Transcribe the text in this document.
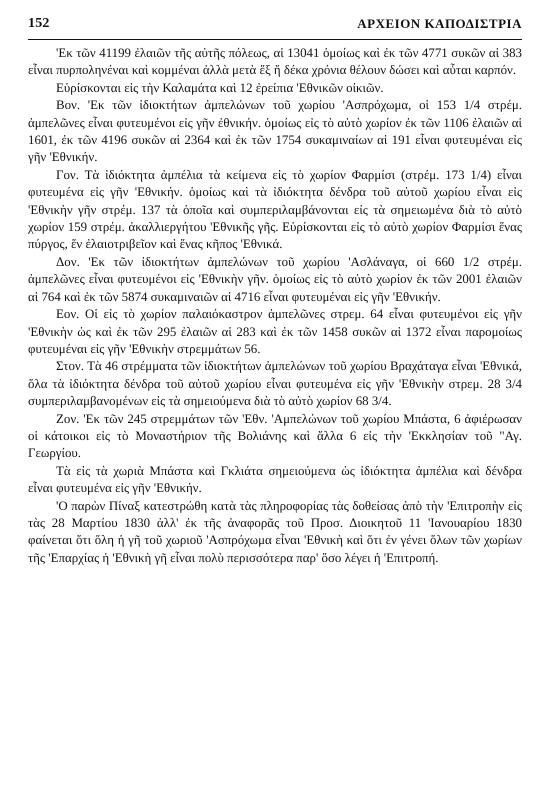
152	ΑΡΧΕΙΟΝ ΚΑΠΟΔΙΣΤΡΙΑ

'Εκ τῶν 41199 ἐλαιῶν τῆς αὐτῆς πόλεως, αἱ 13041 ὁμοίως καὶ ἐκ τῶν 4771 συκῶν αἱ 383 εἶναι πυρποληνέναι καὶ κομμέναι ἀλλὰ μετὰ ἕξ ἤ δέκα χρόνια θέλουν δώσει καὶ αὗται καρπόν.

Εὑρίσκονται εἰς τὴν Καλαμάτα καὶ 12 ἐρείπια 'Εθνικῶν οἰκιῶν.

Βον. 'Εκ τῶν ἰδιοκτήτων ἀμπελώνων τοῦ χωρίου 'Ασπρόχωμα, οἱ 153 1/4 στρέμ. ἀμπελῶνες εἶναι φυτευμένοι εἰς γῆν ἐθνικήν. ὁμοίως εἰς τὸ αὐτὸ χωρίον ἐκ τῶν 1106 ἐλαιῶν αἱ 1601, ἐκ τῶν 4196 συκῶν αἱ 2364 καὶ ἐκ τῶν 1754 συκαμιναίων αἱ 191 εἶναι φυτευμέναι εἰς γῆν 'Εθνικήν.

Γον. Τὰ ἰδιόκτητα ἀμπέλια τὰ κείμενα εἰς τὸ χωρίον Φαρμίσι (στρέμ. 173 1/4) εἶναι φυτευμένα εἰς γῆν 'Εθνικήν. ὁμοίως καὶ τὰ ἰδιόκτητα δένδρα τοῦ αὐτοῦ χωρίου εἶναι εἰς 'Εθνικὴν γῆν στρέμ. 137 τὰ ὁποῖα καὶ συμπεριλαμβάνονται εἰς τὰ σημειωμένα διὰ τὸ αὐτὸ χωρίον 159 στρέμ. ἀκαλλιεργήτου 'Εθνικῆς γῆς. Εὑρίσκονται εἰς τὸ αὐτὸ χωρίον Φαρμίσι ἕνας πύργος, ἕν ἐλαιοτριβεῖον καὶ ἕνας κῆπος 'Εθνικά.

Δον. 'Εκ τῶν ἰδιοκτήτων ἀμπελώνων τοῦ χωρίου 'Ασλάναγα, οἱ 660 1/2 στρέμ. ἀμπελῶνες εἶναι φυτευμένοι εἰς 'Εθνικὴν γῆν. ὁμοίως εἰς τὸ αὐτὸ χωρίον ἐκ τῶν 2001 ἐλαιῶν αἱ 764 καὶ ἐκ τῶν 5874 συκαμιναιῶν αἱ 4716 εἶναι φυτευμέναι εἰς γῆν 'Εθνικήν.

Εον. Οἱ εἰς τὸ χωρίον παλαιόκαστρον ἀμπελῶνες στρεμ. 64 εἶναι φυτευμένοι εἰς γῆν 'Εθνικὴν ὡς καὶ ἐκ τῶν 295 ἐλαιῶν αἱ 283 καὶ ἐκ τῶν 1458 συκῶν αἱ 1372 εἶναι παρομοίως φυτευμέναι εἰς γῆν 'Εθνικὴν στρεμμάτων 56.

Στον. Τὰ 46 στρέμματα τῶν ἰδιοκτήτων ἀμπελώνων τοῦ χωρίου Βραχάταγα εἶναι 'Εθνικά, ὅλα τὰ ἰδιόκτητα δένδρα τοῦ αὐτοῦ χωρίου εἶναι φυτευμένα εἰς γῆν 'Εθνικὴν στρεμ. 28 3/4 συμπεριλαμβανομένων εἰς τὰ σημειούμενα διὰ τὸ αὐτὸ χωρίον 68 3/4.

Ζον. 'Εκ τῶν 245 στρεμμάτων τῶν 'Εθν. 'Αμπελώνων τοῦ χωρίου Μπάστα, 6 ἀφιέρωσαν οἱ κάτοικοι εἰς τὸ Μοναστήριον τῆς Βολιάνης καὶ ἄλλα 6 εἰς τὴν 'Εκκλησίαν τοῦ "Αγ. Γεωργίου.

Τὰ εἰς τὰ χωριὰ Μπάστα καὶ Γκλιάτα σημειούμενα ὡς ἰδιόκτητα ἀμπέλια καὶ δένδρα εἶναι φυτευμένα εἰς γῆν 'Εθνικήν.

'Ο παρὼν Πίναξ κατεστρώθη κατὰ τὰς πληροφορίας τὰς δοθείσας ἀπὸ τὴν 'Επιτροπὴν εἰς τὰς 28 Μαρτίου 1830 ἀλλ' ἐκ τῆς ἀναφορᾶς τοῦ Προσ. Διοικητοῦ 11 'Ιανουαρίου 1830 φαίνεται ὅτι ὅλη ἡ γῆ τοῦ χωριοῦ 'Ασπρόχωμα εἶναι 'Εθνικὴ καὶ ὅτι ἐν γένει ὅλων τῶν χωρίων τῆς 'Επαρχίας ἡ 'Εθνικὴ γῆ εἶναι πολὺ περισσότερα παρ' ὅσο λέγει ἡ 'Επιτροπή.
